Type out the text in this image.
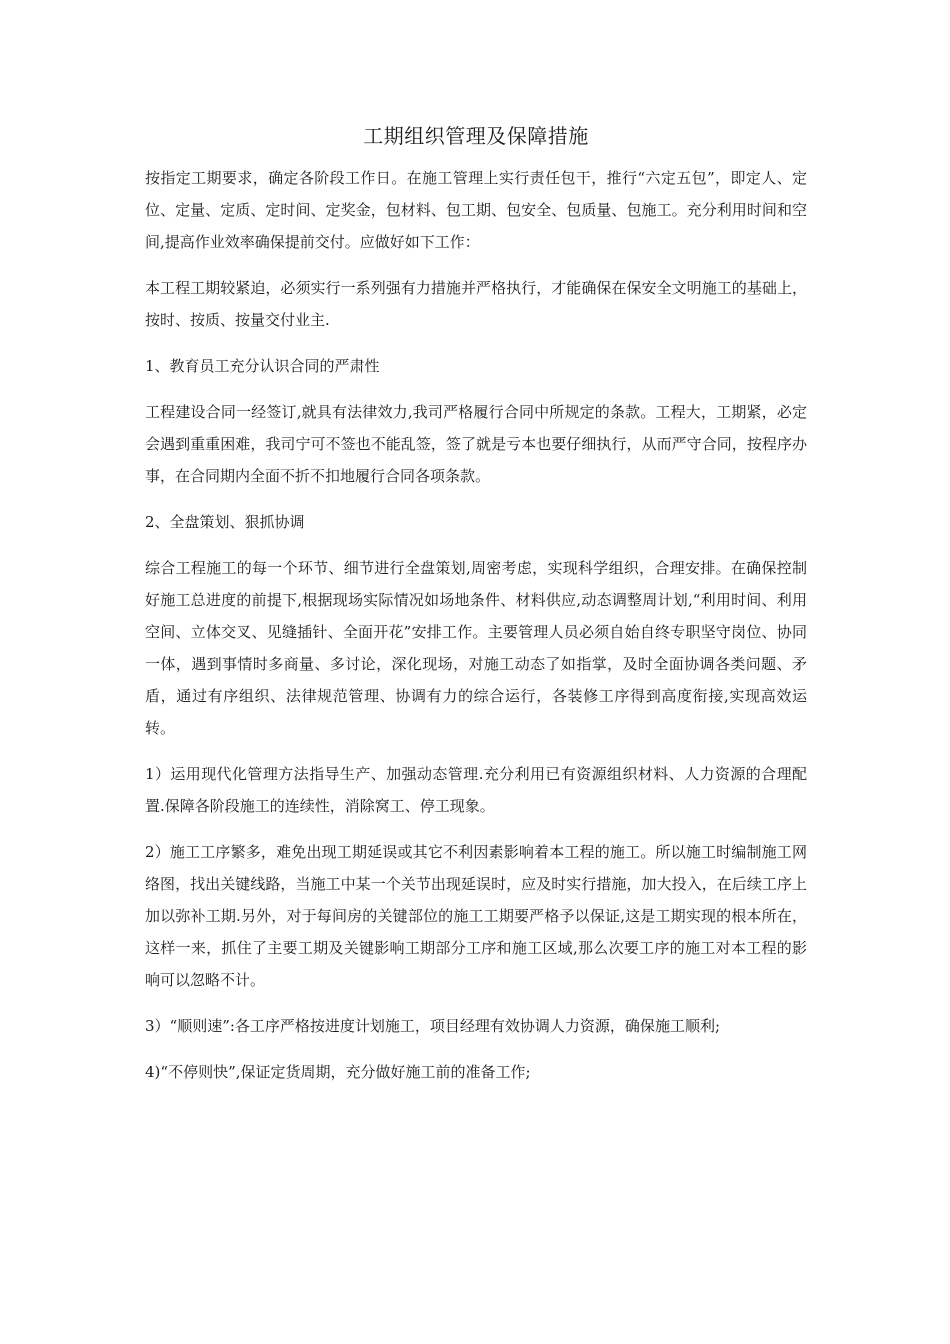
工期组织管理及保障措施

按指定工期要求，确定各阶段工作日。在施工管理上实行责任包干，推行“六定五包”，即定人、定位、定量、定质、定时间、定奖金，包材料、包工期、包安全、包质量、包施工。充分利用时间和空间,提高作业效率确保提前交付。应做好如下工作：

本工程工期较紧迫，必须实行一系列强有力措施并严格执行，才能确保在保安全文明施工的基础上，按时、按质、按量交付业主.

1、教育员工充分认识合同的严肃性

工程建设合同一经签订,就具有法律效力,我司严格履行合同中所规定的条款。工程大，工期紧，必定会遇到重重困难，我司宁可不签也不能乱签，签了就是亏本也要仔细执行，从而严守合同，按程序办事，在合同期内全面不折不扣地履行合同各项条款。

2、全盘策划、狠抓协调

综合工程施工的每一个环节、细节进行全盘策划,周密考虑，实现科学组织，合理安排。在确保控制好施工总进度的前提下,根据现场实际情况如场地条件、材料供应,动态调整周计划,“利用时间、利用空间、立体交叉、见缝插针、全面开花”安排工作。主要管理人员必须自始自终专职坚守岗位、协同一体，遇到事情时多商量、多讨论，深化现场，对施工动态了如指掌，及时全面协调各类问题、矛盾，通过有序组织、法律规范管理、协调有力的综合运行，各装修工序得到高度衔接,实现高效运转。

1）运用现代化管理方法指导生产、加强动态管理.充分利用已有资源组织材料、人力资源的合理配置.保障各阶段施工的连续性，消除窝工、停工现象。

2）施工工序繁多，难免出现工期延误或其它不利因素影响着本工程的施工。所以施工时编制施工网络图，找出关键线路，当施工中某一个关节出现延误时，应及时实行措施，加大投入，在后续工序上加以弥补工期.另外，对于每间房的关键部位的施工工期要严格予以保证,这是工期实现的根本所在，这样一来，抓住了主要工期及关键影响工期部分工序和施工区域,那么次要工序的施工对本工程的影响可以忽略不计。

3）“顺则速”:各工序严格按进度计划施工，项目经理有效协调人力资源，确保施工顺利;

4)“不停则快”,保证定货周期，充分做好施工前的准备工作;
